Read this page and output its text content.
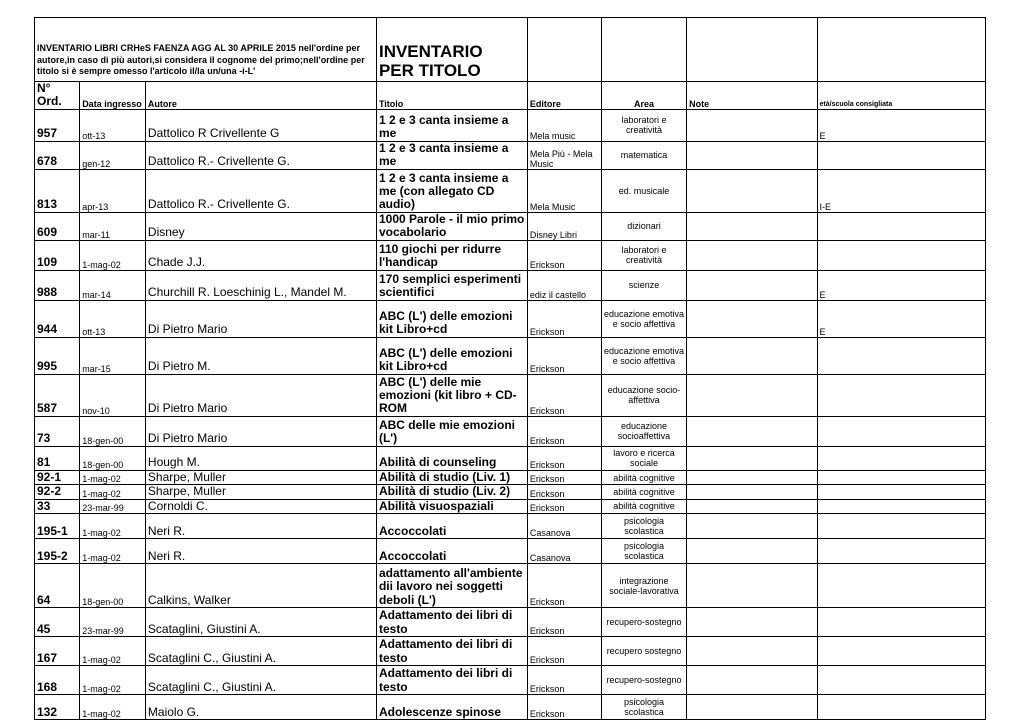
INVENTARIO LIBRI CRHeS FAENZA AGG AL 30 APRILE 2015 nell'ordine per autore,in caso di più autori,si considera il cognome del primo;nell'ordine per titolo si è sempre omesso l'articolo il/la un/una -i-L'			INVENTARIO
PER TITOLO				
N° Ord.	Data ingresso	Autore	Titolo	Editore	Area	Note	età/scuola consigliata
957	ott-13	Dattolico R Crivellente G	1 2 e 3 canta insieme a me	Mela music	laboratori e creatività		E
678	gen-12	Dattolico R.- Crivellente G.	1 2 e 3 canta insieme a me	Mela Più - Mela Music	matematica		
813	apr-13	Dattolico R.- Crivellente G.	1 2 e 3 canta insieme a me (con allegato CD audio)	Mela Music	ed. musicale		I-E
609	mar-11	Disney	1000 Parole - il mio primo vocabolario	Disney Libri	dizionari		
109	1-mag-02	Chade J.J.	110 giochi per ridurre l'handicap	Erickson	laboratori e creatività		
988	mar-14	Churchill R. Loeschinig L., Mandel M.	170 semplici esperimenti scientifici	ediz il castello	scienze		E
944	ott-13	Di Pietro Mario	ABC (L') delle emozioni kit Libro+cd	Erickson	educazione emotiva e socio affettiva		E
995	mar-15	Di Pietro M.	ABC (L') delle emozioni kit Libro+cd	Erickson	educazione emotiva e socio affettiva		
587	nov-10	Di Pietro Mario	ABC (L') delle mie emozioni (kit libro + CD-ROM	Erickson	educazione socio-affettiva		
73	18-gen-00	Di Pietro Mario	ABC delle mie emozioni (L')	Erickson	educazione socioaffettiva		
81	18-gen-00	Hough M.	Abilità di counseling	Erickson	lavoro e ricerca sociale		
92-1	1-mag-02	Sharpe, Muller	Abilità di studio (Liv. 1)	Erickson	abilità cognitive		
92-2	1-mag-02	Sharpe, Muller	Abilità di studio (Liv. 2)	Erickson	abilità cognitive		
33	23-mar-99	Cornoldi C.	Abilità visuospaziali	Erickson	abilità cognitive		
195-1	1-mag-02	Neri R.	Accoccolati	Casanova	psicologia scolastica		
195-2	1-mag-02	Neri R.	Accoccolati	Casanova	psicologia scolastica		
64	18-gen-00	Calkins, Walker	adattamento all'ambiente dii lavoro nei soggetti deboli (L')	Erickson	integrazione sociale-lavorativa		
45	23-mar-99	Scataglini, Giustini A.	Adattamento dei libri di testo	Erickson	recupero-sostegno		
167	1-mag-02	Scataglini C., Giustini A.	Adattamento dei libri di testo	Erickson	recupero sostegno		
168	1-mag-02	Scataglini C., Giustini A.	Adattamento dei libri di testo	Erickson	recupero-sostegno		
132	1-mag-02	Maiolo G.	Adolescenze spinose	Erickson	psicologia scolastica		
